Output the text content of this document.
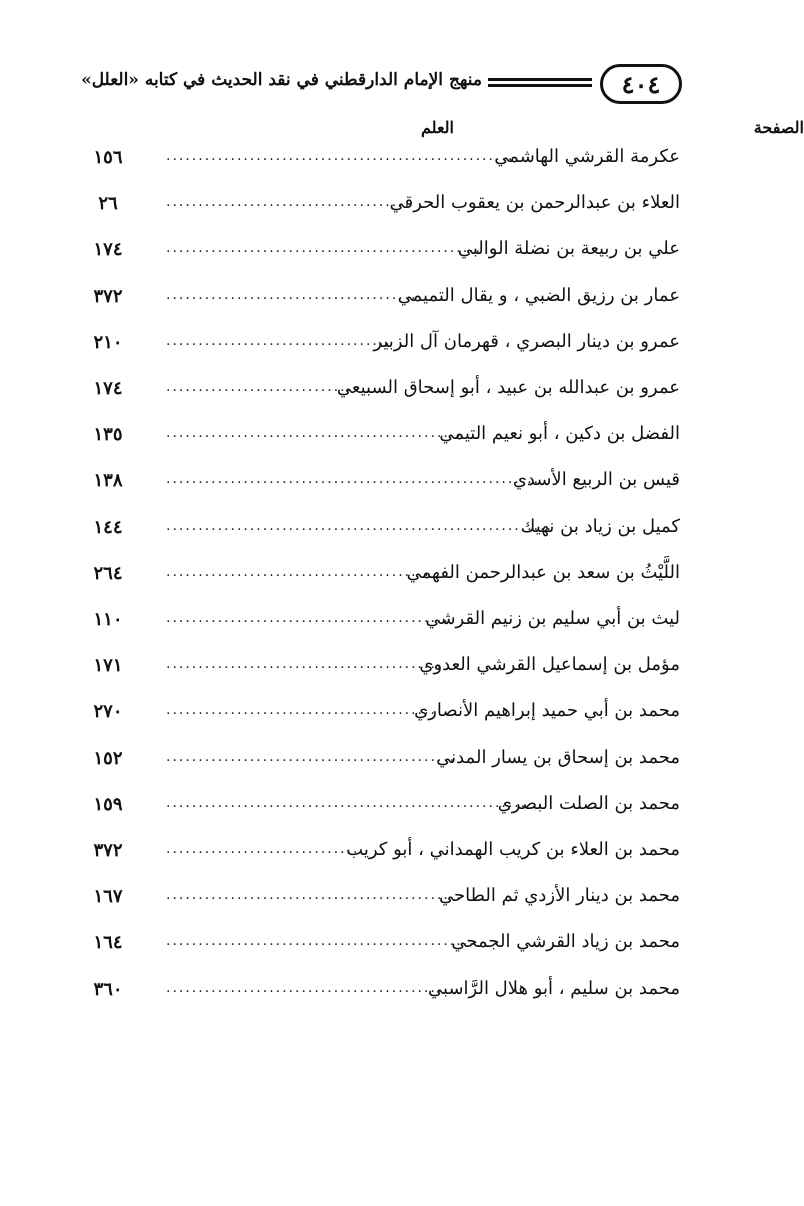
٤٠٤
منهج الإمام الدارقطني في نقد الحديث في كتابه «العلل»
العلم	الصفحة
عكرمة القرشي الهاشمي
.......................................................
١٥٦
العلاء بن عبدالرحمن بن يعقوب الحرقي
......................................
٢٦
علي بن ربيعة بن نضلة الوالبي
.................................................
١٧٤
عمار بن رزيق الضبي ، و يقال التميمي
.......................................
٣٧٢
عمرو بن دينار البصري ، قهرمان آل الزبير
...................................
٢١٠
عمرو بن عبدالله بن عبيد ، أبو إسحاق السبيعي
.............................
١٧٤
الفضل بن دكين ، أبو نعيم التيمي
..............................................
١٣٥
قيس بن الربيع الأسدي
..........................................................
١٣٨
كميل بن زياد بن نهيك
............................................................
١٤٤
اللَّيْثُ بن سعد بن عبدالرحمن الفهمي
.........................................
٢٦٤
ليث بن أبي سليم بن زنيم القرشي
............................................
١١٠
مؤمل بن إسماعيل القرشي العدوي
...........................................
١٧١
محمد بن أبي حميد إبراهيم الأنصاري
..........................................
٢٧٠
محمد بن إسحاق بن يسار المدني
.............................................
١٥٢
محمد بن الصلت البصري
........................................................
١٥٩
محمد بن العلاء بن كريب الهمداني ، أبو كريب
..............................
٣٧٢
محمد بن دينار الأزدي ثم الطاحي
..............................................
١٦٧
محمد بن زياد القرشي الجمحي
................................................
١٦٤
محمد بن سليم ، أبو هلال الرَّاسبي
............................................
٣٦٠
